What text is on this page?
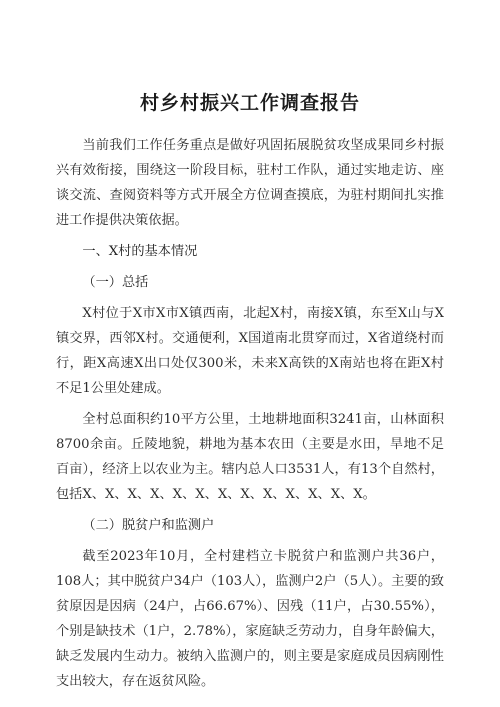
村乡村振兴工作调查报告

当前我们工作任务重点是做好巩固拓展脱贫攻坚成果同乡村振兴有效衔接，围绕这一阶段目标，驻村工作队，通过实地走访、座谈交流、查阅资料等方式开展全方位调查摸底，为驻村期间扎实推进工作提供决策依据。

一、X村的基本情况

（一）总括

X村位于X市X市X镇西南，北起X村，南接X镇，东至X山与X镇交界，西邻X村。交通便利，X国道南北贯穿而过，X省道绕村而行，距X高速X出口处仅300米，未来X高铁的X南站也将在距X村不足1公里处建成。

全村总面积约10平方公里，土地耕地面积3241亩，山林面积8700余亩。丘陵地貌，耕地为基本农田（主要是水田，旱地不足百亩），经济上以农业为主。辖内总人口3531人，有13个自然村，包括X、X、X、X、X、X、X、X、X、X、X、X、X。

（二）脱贫户和监测户

截至2023年10月，全村建档立卡脱贫户和监测户共36户，108人；其中脱贫户34户（103人），监测户2户（5人）。主要的致贫原因是因病（24户，占66.67%）、因残（11户，占30.55%），个别是缺技术（1户，2.78%），家庭缺乏劳动力，自身年龄偏大，缺乏发展内生动力。被纳入监测户的，则主要是家庭成员因病刚性支出较大，存在返贫风险。
